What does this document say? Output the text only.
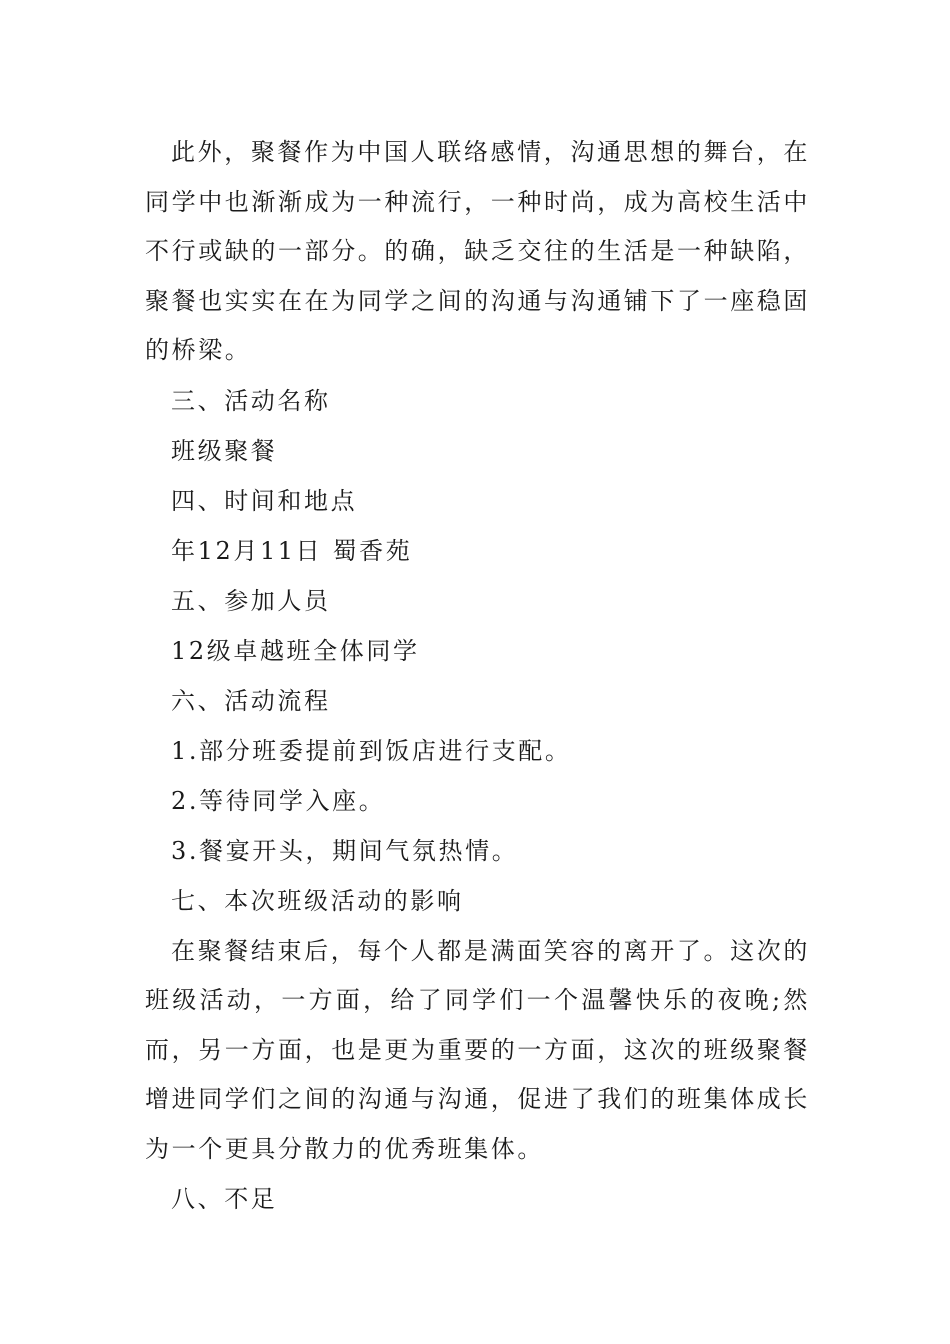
此外，聚餐作为中国人联络感情，沟通思想的舞台，在同学中也渐渐成为一种流行，一种时尚，成为高校生活中不行或缺的一部分。的确，缺乏交往的生活是一种缺陷，聚餐也实实在在为同学之间的沟通与沟通铺下了一座稳固的桥梁。

三、活动名称

班级聚餐

四、时间和地点

年12月11日 蜀香苑

五、参加人员

12级卓越班全体同学

六、活动流程

1.部分班委提前到饭店进行支配。

2.等待同学入座。

3.餐宴开头，期间气氛热情。

七、本次班级活动的影响

在聚餐结束后，每个人都是满面笑容的离开了。这次的班级活动，一方面，给了同学们一个温馨快乐的夜晚;然而，另一方面，也是更为重要的一方面，这次的班级聚餐增进同学们之间的沟通与沟通，促进了我们的班集体成长为一个更具分散力的优秀班集体。

八、不足
